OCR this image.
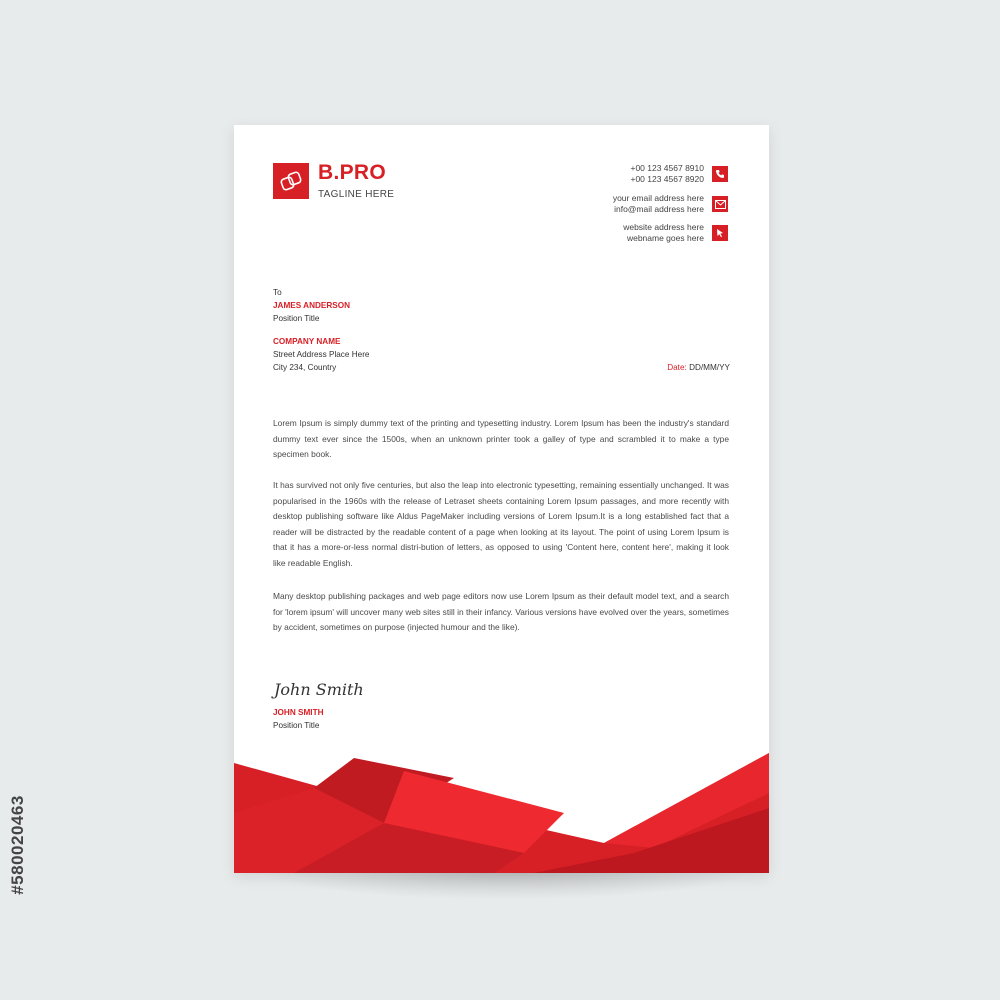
#580020463
B.PRO
TAGLINE HERE
+00 123 4567 8910
+00 123 4567 8920
your email address here
info@mail address here
website address here
webname goes here
To
JAMES ANDERSON
Position Title
COMPANY NAME
Street Address Place Here
City 234, Country	Date: DD/MM/YY
Lorem Ipsum is simply dummy text of the printing and typesetting industry. Lorem Ipsum has been the industry's standard dummy text ever since the 1500s, when an unknown printer took a galley of type and scrambled it to make a type specimen book.
It has survived not only five centuries, but also the leap into electronic typesetting, remaining essentially unchanged. It was popularised in the 1960s with the release of Letraset sheets containing Lorem Ipsum passages, and more recently with desktop publishing software like Aldus PageMaker including versions of Lorem Ipsum.It is a long established fact that a reader will be distracted by the readable content of a page when looking at its layout. The point of using Lorem Ipsum is that it has a more-or-less normal distri-bution of letters, as opposed to using 'Content here, content here', making it look like readable English.
Many desktop publishing packages and web page editors now use Lorem Ipsum as their default model text, and a search for 'lorem ipsum' will uncover many web sites still in their infancy. Various versions have evolved over the years, sometimes by accident, sometimes on purpose (injected humour and the like).
John Smith
JOHN SMITH
Position Title
